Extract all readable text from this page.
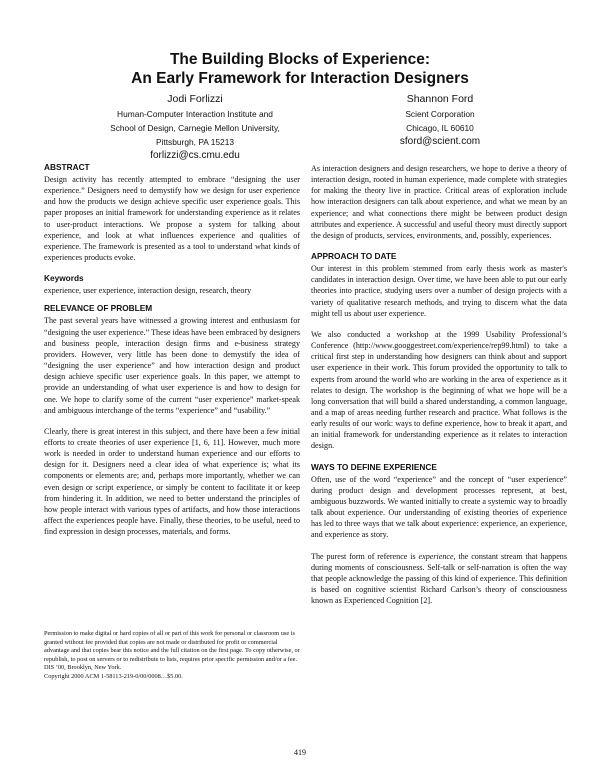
The Building Blocks of Experience:
An Early Framework for Interaction Designers
Jodi Forlizzi
Human-Computer Interaction Institute and
School of Design, Carnegie Mellon University,
Pittsburgh, PA 15213
forlizzi@cs.cmu.edu
Shannon Ford
Scient Corporation
Chicago, IL 60610
sford@scient.com
ABSTRACT

Design activity has recently attempted to embrace “designing the user experience.” Designers need to demystify how we design for user experience and how the products we design achieve specific user experience goals. This paper proposes an initial framework for understanding experience as it relates to user-product interactions. We propose a system for talking about experience, and look at what influences experience and qualities of experience. The framework is presented as a tool to understand what kinds of experiences products evoke.

Keywords

experience, user experience, interaction design, research, theory

RELEVANCE OF PROBLEM

The past several years have witnessed a growing interest and enthusiasm for “designing the user experience.” These ideas have been embraced by designers and business people, interaction design firms and e-business strategy providers. However, very little has been done to demystify the idea of “designing the user experience” and how interaction design and product design achieve specific user experience goals. In this paper, we attempt to provide an understanding of what user experience is and how to design for one. We hope to clarify some of the current “user experience” market-speak and ambiguous interchange of the terms “experience” and “usability.”

Clearly, there is great interest in this subject, and there have been a few initial efforts to create theories of user experience [1, 6, 11]. However, much more work is needed in order to understand human experience and our efforts to design for it. Designers need a clear idea of what experience is; what its components or elements are; and, perhaps more importantly, whether we can even design or script experience, or simply be content to facilitate it or keep from hindering it. In addition, we need to better understand the principles of how people interact with various types of artifacts, and how those interactions affect the experiences people have. Finally, these theories, to be useful, need to find expression in design processes, materials, and forms.

Permission to make digital or hard copies of all or part of this work for personal or classroom use is granted without fee provided that copies are not made or distributed for profit or commercial advantage and that copies bear this notice and the full citation on the first page. To copy otherwise, or republish, to post on servers or to redistribute to lists, requires prior specific permission and/or a fee.
DIS ’00, Brooklyn, New York.
Copyright 2000 ACM 1-58113-219-0/00/0008…$5.00.

As interaction designers and design researchers, we hope to derive a theory of interaction design, rooted in human experience, made complete with strategies for making the theory live in practice. Critical areas of exploration include how interaction designers can talk about experience, and what we mean by an experience; and what connections there might be between product design attributes and experience. A successful and useful theory must directly support the design of products, services, environments, and, possibly, experiences.

APPROACH TO DATE

Our interest in this problem stemmed from early thesis work as master's candidates in interaction design. Over time, we have been able to put our early theories into practice, studying users over a number of design projects with a variety of qualitative research methods, and trying to discern what the data might tell us about user experience.

We also conducted a workshop at the 1999 Usability Professional’s Conference (http://www.googgestreet.com/experience/rep99.html) to take a critical first step in understanding how designers can think about and support user experience in their work. This forum provided the opportunity to talk to experts from around the world who are working in the area of experience as it relates to design. The workshop is the beginning of what we hope will be a long conversation that will build a shared understanding, a common language, and a map of areas needing further research and practice. What follows is the early results of our work: ways to define experience, how to break it apart, and an initial framework for understanding experience as it relates to interaction design.

WAYS TO DEFINE EXPERIENCE

Often, use of the word “experience” and the concept of “user experience” during product design and development processes represent, at best, ambiguous buzzwords. We wanted initially to create a systemic way to broadly talk about experience. Our understanding of existing theories of experience has led to three ways that we talk about experience: experience, an experience, and experience as story.

The purest form of reference is experience, the constant stream that happens during moments of consciousness. Self-talk or self-narration is often the way that people acknowledge the passing of this kind of experience. This definition is based on cognitive scientist Richard Carlson’s theory of consciousness known as Experienced Cognition [2].

419
